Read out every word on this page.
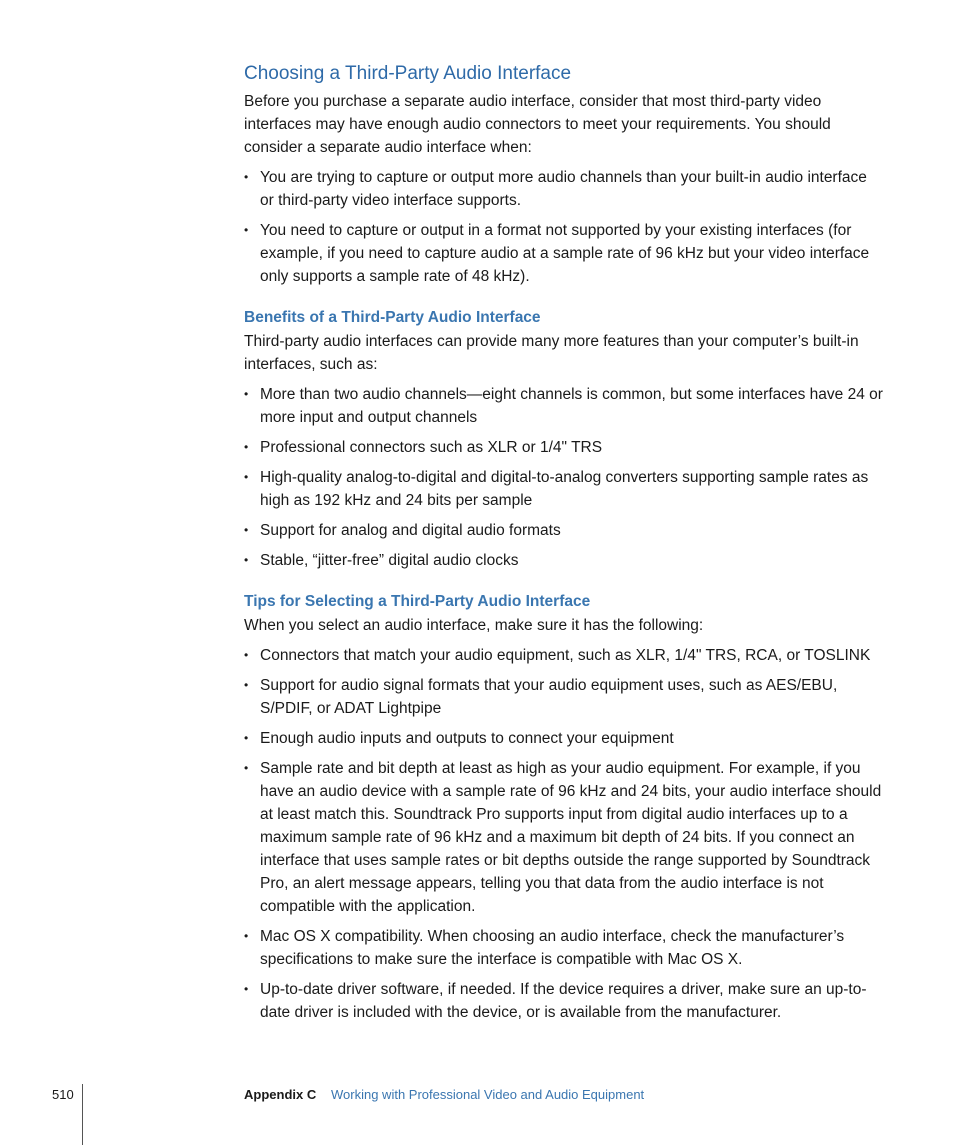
Choosing a Third-Party Audio Interface

Before you purchase a separate audio interface, consider that most third-party video interfaces may have enough audio connectors to meet your requirements. You should consider a separate audio interface when:

• You are trying to capture or output more audio channels than your built-in audio interface or third-party video interface supports.
• You need to capture or output in a format not supported by your existing interfaces (for example, if you need to capture audio at a sample rate of 96 kHz but your video interface only supports a sample rate of 48 kHz).
Benefits of a Third-Party Audio Interface

Third-party audio interfaces can provide many more features than your computer’s built-in interfaces, such as:

• More than two audio channels—eight channels is common, but some interfaces have 24 or more input and output channels
• Professional connectors such as XLR or 1/4" TRS
• High-quality analog-to-digital and digital-to-analog converters supporting sample rates as high as 192 kHz and 24 bits per sample
• Support for analog and digital audio formats
• Stable, “jitter-free” digital audio clocks
Tips for Selecting a Third-Party Audio Interface

When you select an audio interface, make sure it has the following:

• Connectors that match your audio equipment, such as XLR, 1/4" TRS, RCA, or TOSLINK
• Support for audio signal formats that your audio equipment uses, such as AES/EBU, S/PDIF, or ADAT Lightpipe
• Enough audio inputs and outputs to connect your equipment
• Sample rate and bit depth at least as high as your audio equipment. For example, if you have an audio device with a sample rate of 96 kHz and 24 bits, your audio interface should at least match this. Soundtrack Pro supports input from digital audio interfaces up to a maximum sample rate of 96 kHz and a maximum bit depth of 24 bits. If you connect an interface that uses sample rates or bit depths outside the range supported by Soundtrack Pro, an alert message appears, telling you that data from the audio interface is not compatible with the application.
• Mac OS X compatibility. When choosing an audio interface, check the manufacturer’s specifications to make sure the interface is compatible with Mac OS X.
• Up-to-date driver software, if needed. If the device requires a driver, make sure an up-to-date driver is included with the device, or is available from the manufacturer.
510	Appendix C Working with Professional Video and Audio Equipment
